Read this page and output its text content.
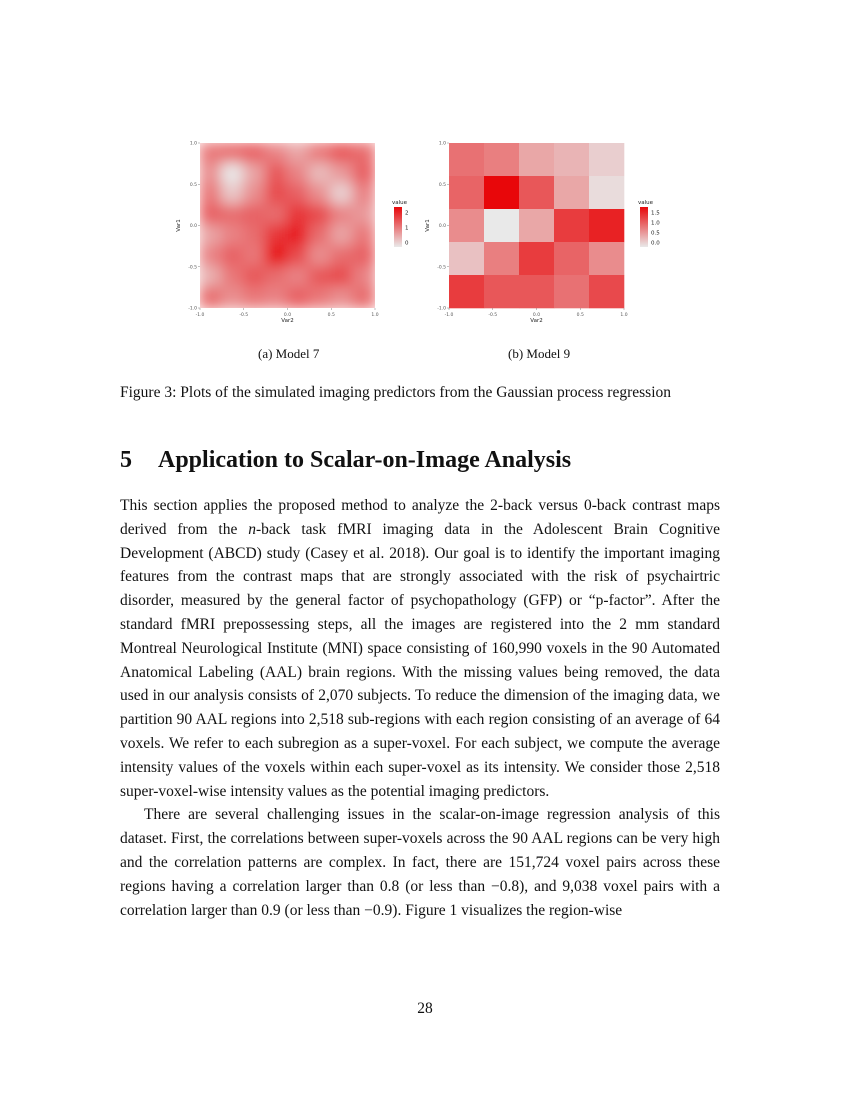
-1.0	-0.5	0.0	0.5	1.0
1.0
0.5
0.0
-0.5
-1.0
Var2
Var1
value
2
1
0
-1.0	-0.5	0.0	0.5	1.0
1.0
0.5
0.0
-0.5
-1.0
Var2
Var1
value
1.5
1.0
0.5
0.0
(a) Model 7	(b) Model 9
Figure 3: Plots of the simulated imaging predictors from the Gaussian process regression
5 Application to Scalar-on-Image Analysis

This section applies the proposed method to analyze the 2-back versus 0-back contrast maps derived from the n-back task fMRI imaging data in the Adolescent Brain Cognitive Development (ABCD) study (Casey et al. 2018). Our goal is to identify the important imaging features from the contrast maps that are strongly associated with the risk of psychairtric disorder, measured by the general factor of psychopathology (GFP) or “p-factor”. After the standard fMRI prepossessing steps, all the images are registered into the 2 mm standard Montreal Neurological Institute (MNI) space consisting of 160,990 voxels in the 90 Automated Anatomical Labeling (AAL) brain regions. With the missing values being removed, the data used in our analysis consists of 2,070 subjects. To reduce the dimension of the imaging data, we partition 90 AAL regions into 2,518 sub-regions with each region consisting of an average of 64 voxels. We refer to each subregion as a super-voxel. For each subject, we compute the average intensity values of the voxels within each super-voxel as its intensity. We consider those 2,518 super-voxel-wise intensity values as the potential imaging predictors.

There are several challenging issues in the scalar-on-image regression analysis of this dataset. First, the correlations between super-voxels across the 90 AAL regions can be very high and the correlation patterns are complex. In fact, there are 151,724 voxel pairs across these regions having a correlation larger than 0.8 (or less than −0.8), and 9,038 voxel pairs with a correlation larger than 0.9 (or less than −0.9). Figure 1 visualizes the region-wise

28
